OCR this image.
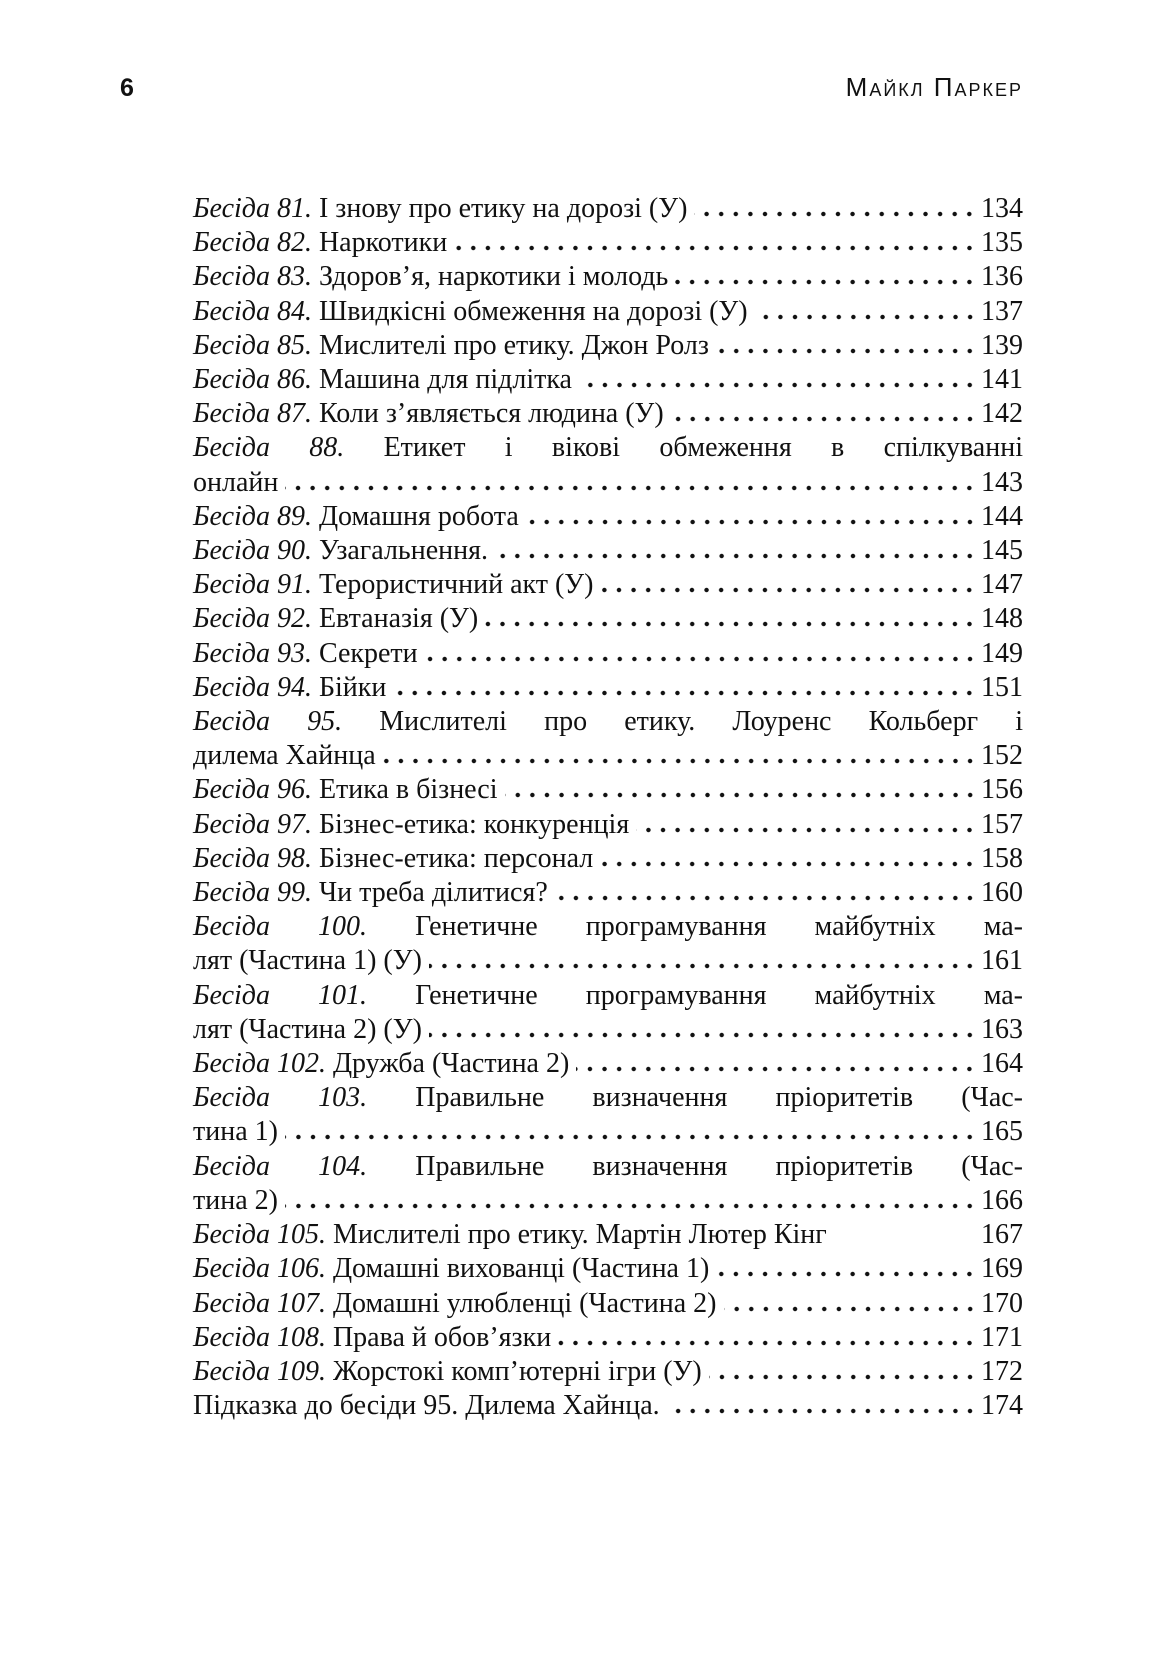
6	Майкл Паркер
Бесіда 81. І знову про етику на дорозі (У)	134
Бесіда 82. Наркотики	135
Бесіда 83. Здоров’я, наркотики і молодь	136
Бесіда 84. Швидкісні обмеження на дорозі (У)	137
Бесіда 85. Мислителі про етику. Джон Ролз	139
Бесіда 86. Машина для підлітка	141
Бесіда 87. Коли з’являється людина (У)	142
Бесіда 88. Етикет і вікові обмеження в спілкуванні
онлайн	143
Бесіда 89. Домашня робота	144
Бесіда 90. Узагальнення.	145
Бесіда 91. Терористичний акт (У)	147
Бесіда 92. Евтаназія (У)	148
Бесіда 93. Секрети	149
Бесіда 94. Бійки	151
Бесіда 95. Мислителі про етику. Лоуренс Кольберг і
дилема Хайнца	152
Бесіда 96. Етика в бізнесі	156
Бесіда 97. Бізнес-етика: конкуренція	157
Бесіда 98. Бізнес-етика: персонал	158
Бесіда 99. Чи треба ділитися?	160
Бесіда 100. Генетичне програмування майбутніх ма-
лят (Частина 1) (У)	161
Бесіда 101. Генетичне програмування майбутніх ма-
лят (Частина 2) (У)	163
Бесіда 102. Дружба (Частина 2)	164
Бесіда 103. Правильне визначення пріоритетів (Час-
тина 1)	165
Бесіда 104. Правильне визначення пріоритетів (Час-
тина 2)	166
Бесіда 105. Мислителі про етику. Мартін Лютер Кінг	167
Бесіда 106. Домашні вихованці (Частина 1)	169
Бесіда 107. Домашні улюбленці (Частина 2)	170
Бесіда 108. Права й обов’язки	171
Бесіда 109. Жорстокі комп’ютерні ігри (У)	172
Підказка до бесіди 95. Дилема Хайнца.	174
